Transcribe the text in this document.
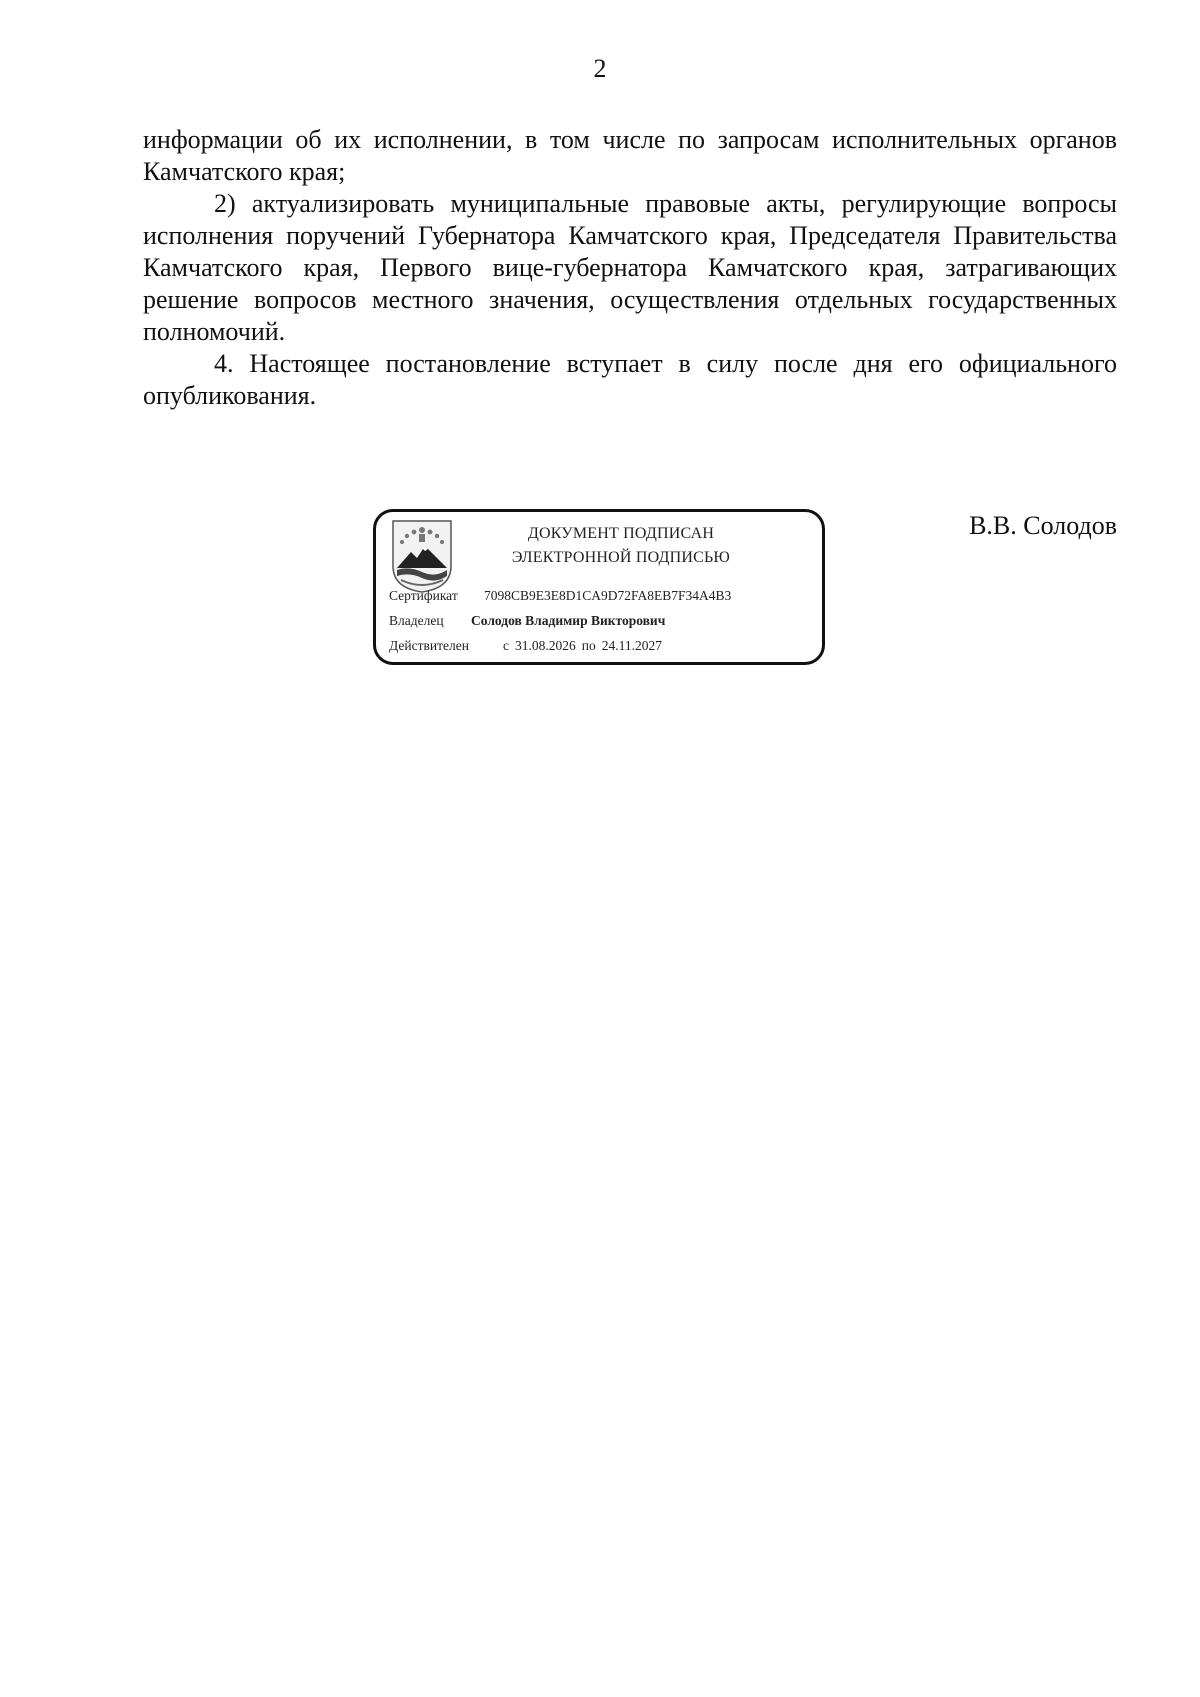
2

информации об их исполнении, в том числе по запросам исполнительных органов Камчатского края;

2) актуализировать муниципальные правовые акты, регулирующие вопросы исполнения поручений Губернатора Камчатского края, Председателя Правительства Камчатского края, Первого вице-губернатора Камчатского края, затрагивающих решение вопросов местного значения, осуществления отдельных государственных полномочий.

4. Настоящее постановление вступает в силу после дня его официального опубликования.

ДОКУМЕНТ ПОДПИСАН
ЭЛЕКТРОННОЙ ПОДПИСЬЮ
Сертификат 7098CB9E3E8D1CA9D72FA8EB7F34A4B3
Владелец Солодов Владимир Викторович
Действителен	с 31.08.2026 по 24.11.2027
В.В. Солодов
